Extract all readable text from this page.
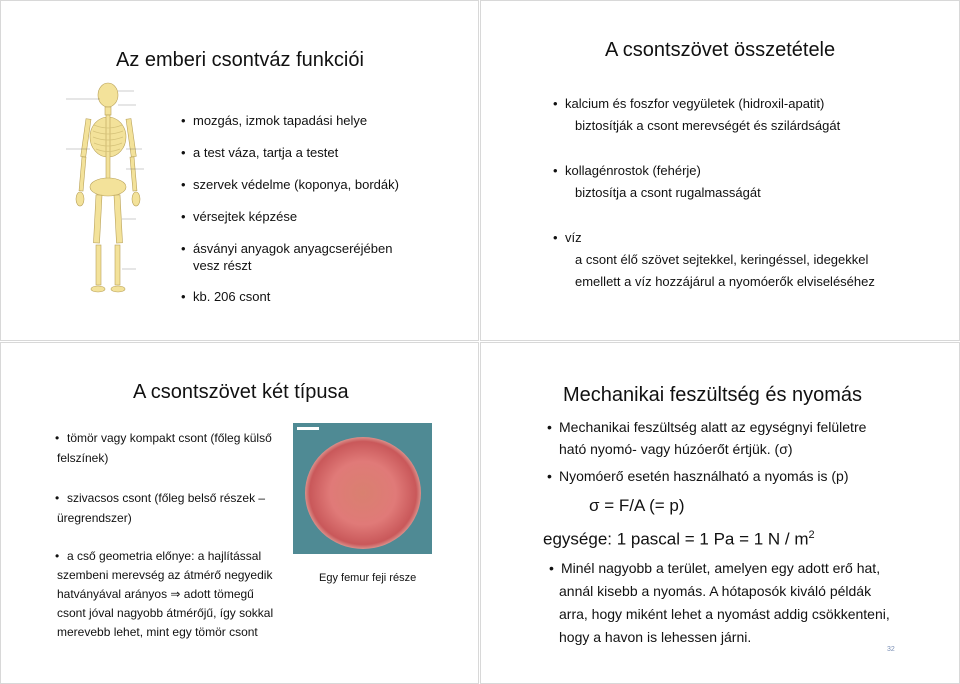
Az emberi csontváz funkciói
• mozgás, izmok tapadási helye
• a test váza, tartja a testet
• szervek védelme (koponya, bordák)
• vérsejtek képzése
• ásványi anyagok anyagcseréjében
vesz részt
• kb. 206 csont
A csontszövet összetétele
• kalcium és foszfor vegyületek (hidroxil-apatit)
biztosítják a csont merevségét és szilárdságát
• kollagénrostok (fehérje)
biztosítja a csont rugalmasságát
• víz
a csont élő szövet sejtekkel, keringéssel, idegekkel
emellett a víz hozzájárul a nyomóerők elviseléséhez
A csontszövet két típusa
• tömör vagy kompakt csont (főleg külső
felszínek)
• szivacsos csont (főleg belső részek –
üregrendszer)
• a cső geometria előnye: a hajlítással
szembeni merevség az átmérő negyedik
hatványával arányos ⇒ adott tömegű
csont jóval nagyobb átmérőjű, így sokkal
merevebb lehet, mint egy tömör csont
Egy femur feji része
Mechanikai feszültség és nyomás
• Mechanikai feszültség alatt az egységnyi felületre
ható nyomó- vagy húzóerőt értjük. (σ)
• Nyomóerő esetén használható a nyomás is (p)
σ = F/A (= p)
egysége: 1 pascal = 1 Pa = 1 N / $m^2$
• Minél nagyobb a terület, amelyen egy adott erő hat,
annál kisebb a nyomás. A hótaposók kiváló példák
arra, hogy miként lehet a nyomást addig csökkenteni,
hogy a havon is lehessen járni.
32
